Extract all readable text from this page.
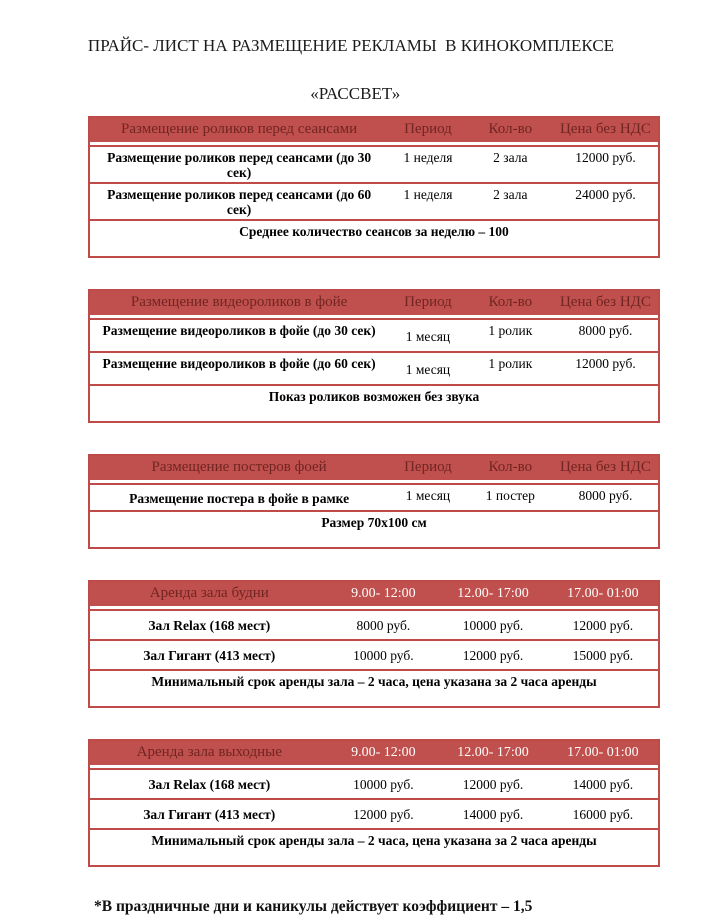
ПРАЙС- ЛИСТ НА РАЗМЕЩЕНИЕ РЕКЛАМЫ  В КИНОКОМПЛЕКСЕ

«РАССВЕТ»
Размещение роликов перед сеансами	Период	Кол-во	Цена без НДС
Размещение роликов перед сеансами (до 30 сек)	1 неделя	2 зала	12000 руб.
Размещение роликов перед сеансами (до 60 сек)	1 неделя	2 зала	24000 руб.
Среднее количество сеансов за неделю – 100			
Размещение видеороликов в фойе	Период	Кол-во	Цена без НДС
Размещение видеороликов в фойе (до 30 сек)	1 месяц	1 ролик	8000 руб.
Размещение видеороликов в фойе (до 60 сек)	1 месяц	1 ролик	12000 руб.
Показ роликов возможен без звука			
Размещение постеров фоей	Период	Кол-во	Цена без НДС
Размещение постера в фойе в рамке	1 месяц	1 постер	8000 руб.
Размер 70х100 см			
Аренда зала будни	9.00- 12:00	12.00- 17:00	17.00- 01:00
Зал Relax (168 мест)	8000 руб.	10000 руб.	12000 руб.
Зал Гигант (413 мест)	10000 руб.	12000 руб.	15000 руб.
Минимальный срок аренды зала – 2 часа, цена указана за 2 часа аренды			
Аренда зала выходные	9.00- 12:00	12.00- 17:00	17.00- 01:00
Зал Relax (168 мест)	10000 руб.	12000 руб.	14000 руб.
Зал Гигант (413 мест)	12000 руб.	14000 руб.	16000 руб.
Минимальный срок аренды зала – 2 часа, цена указана за 2 часа аренды			

*В праздничные дни и каникулы действует коэффициент – 1,5
